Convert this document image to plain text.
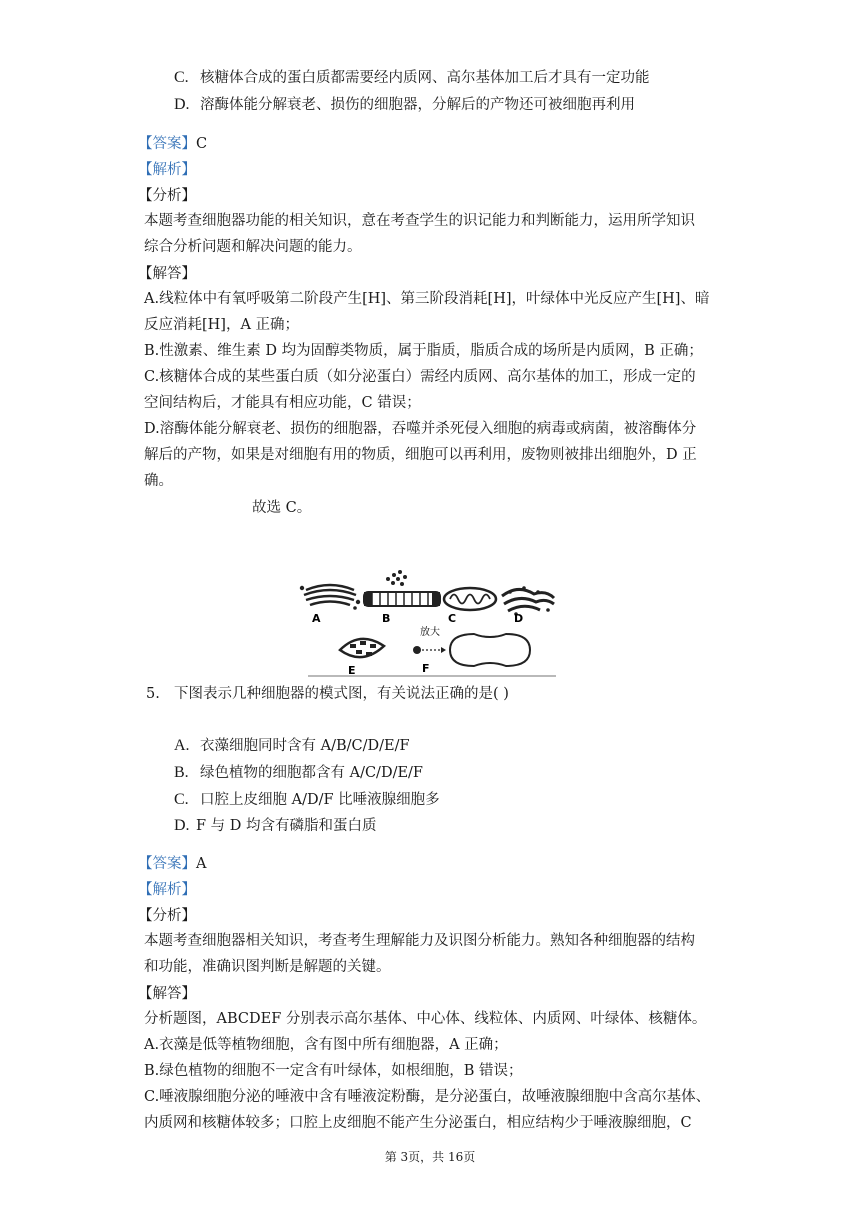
C. 核糖体合成的蛋白质都需要经内质网、高尔基体加工后才具有一定功能
D. 溶酶体能分解衰老、损伤的细胞器，分解后的产物还可被细胞再利用
【答案】C
【解析】
【分析】
本题考查细胞器功能的相关知识，意在考查学生的识记能力和判断能力，运用所学知识
综合分析问题和解决问题的能力。
【解答】
A.线粒体中有氧呼吸第二阶段产生[H]、第三阶段消耗[H]，叶绿体中光反应产生[H]、暗
反应消耗[H]，A 正确；
B.性激素、维生素 D 均为固醇类物质，属于脂质，脂质合成的场所是内质网，B 正确；
C.核糖体合成的某些蛋白质（如分泌蛋白）需经内质网、高尔基体的加工，形成一定的
空间结构后，才能具有相应功能，C 错误；
D.溶酶体能分解衰老、损伤的细胞器，吞噬并杀死侵入细胞的病毒或病菌，被溶酶体分
解后的产物，如果是对细胞有用的物质，细胞可以再利用，废物则被排出细胞外，D 正
确。
故选 C。
A	B	C	D
E	F
放大
5. 下图表示几种细胞器的模式图，有关说法正确的是( )
A. 衣藻细胞同时含有 A/B/C/D/E/F
B. 绿色植物的细胞都含有 A/C/D/E/F
C. 口腔上皮细胞 A/D/F 比唾液腺细胞多
D. F 与 D 均含有磷脂和蛋白质
【答案】A
【解析】
【分析】
本题考查细胞器相关知识，考查考生理解能力及识图分析能力。熟知各种细胞器的结构
和功能，准确识图判断是解题的关键。
【解答】
分析题图，ABCDEF 分别表示高尔基体、中心体、线粒体、内质网、叶绿体、核糖体。
A.衣藻是低等植物细胞，含有图中所有细胞器，A 正确；
B.绿色植物的细胞不一定含有叶绿体，如根细胞，B 错误；
C.唾液腺细胞分泌的唾液中含有唾液淀粉酶，是分泌蛋白，故唾液腺细胞中含高尔基体、
内质网和核糖体较多；口腔上皮细胞不能产生分泌蛋白，相应结构少于唾液腺细胞，C
第 3页，共 16页
